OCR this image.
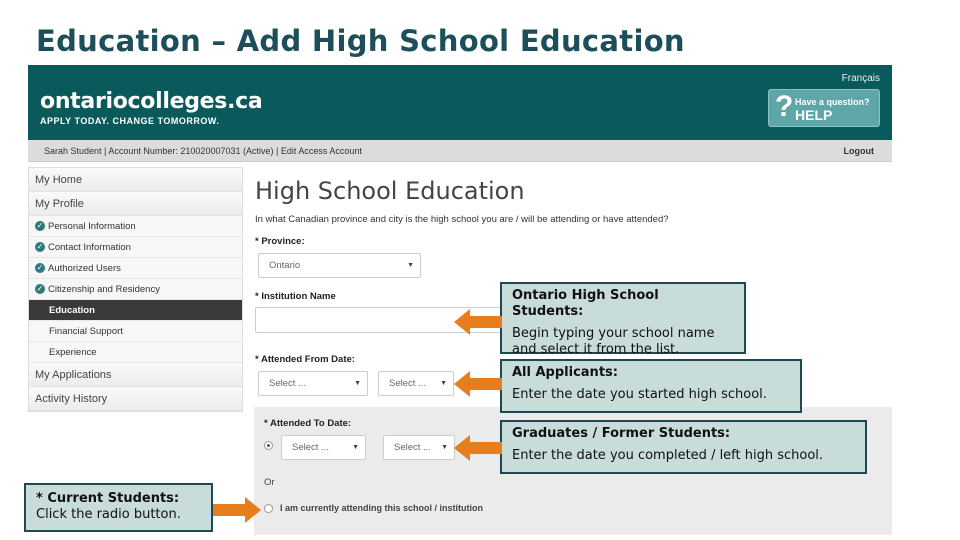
Education – Add High School Education
Français
ontariocolleges.ca
APPLY TODAY. CHANGE TOMORROW.	? Have a question?
HELP
Sarah Student | Account Number: 210020007031 (Active) | Edit Access Account	Logout
My Home
My Profile
✓ Personal Information
✓ Contact Information
✓ Authorized Users
✓ Citizenship and Residency
Education
Financial Support
Experience
My Applications
Activity History
High School Education
In what Canadian province and city is the high school you are / will be attending or have attended?
* Province:
Ontario	▼
* Institution Name
* Attended From Date:
Select ...	▼	Select ... ▼
* Attended To Date:
Select ...	▼	Select ... ▼
Or
I am currently attending this school / institution
Ontario High School Students:
Begin typing your school name and select it from the list.
All Applicants:
Enter the date you started high school.
Graduates / Former Students:
Enter the date you completed / left high school.
* Current Students:
Click the radio button.
